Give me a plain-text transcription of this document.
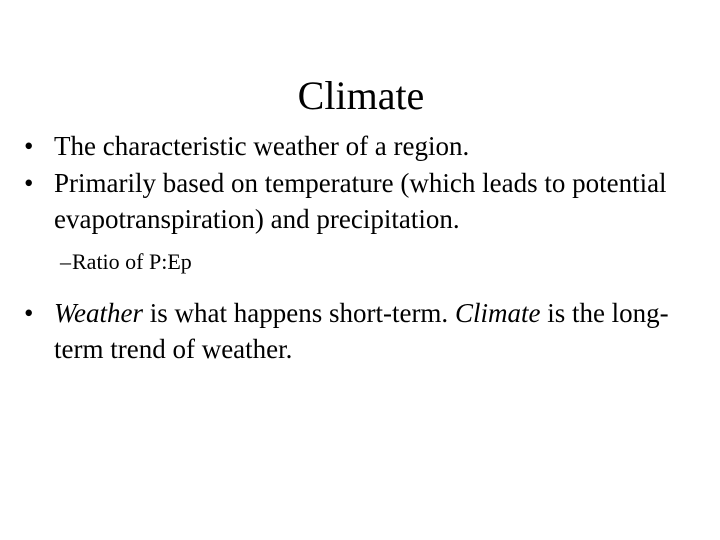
Climate
• The characteristic weather of a region.
• Primarily based on temperature (which leads to potential evapotranspiration) and precipitation.
– Ratio of P:Ep
• Weather is what happens short-term. Climate is the long-term trend of weather.
